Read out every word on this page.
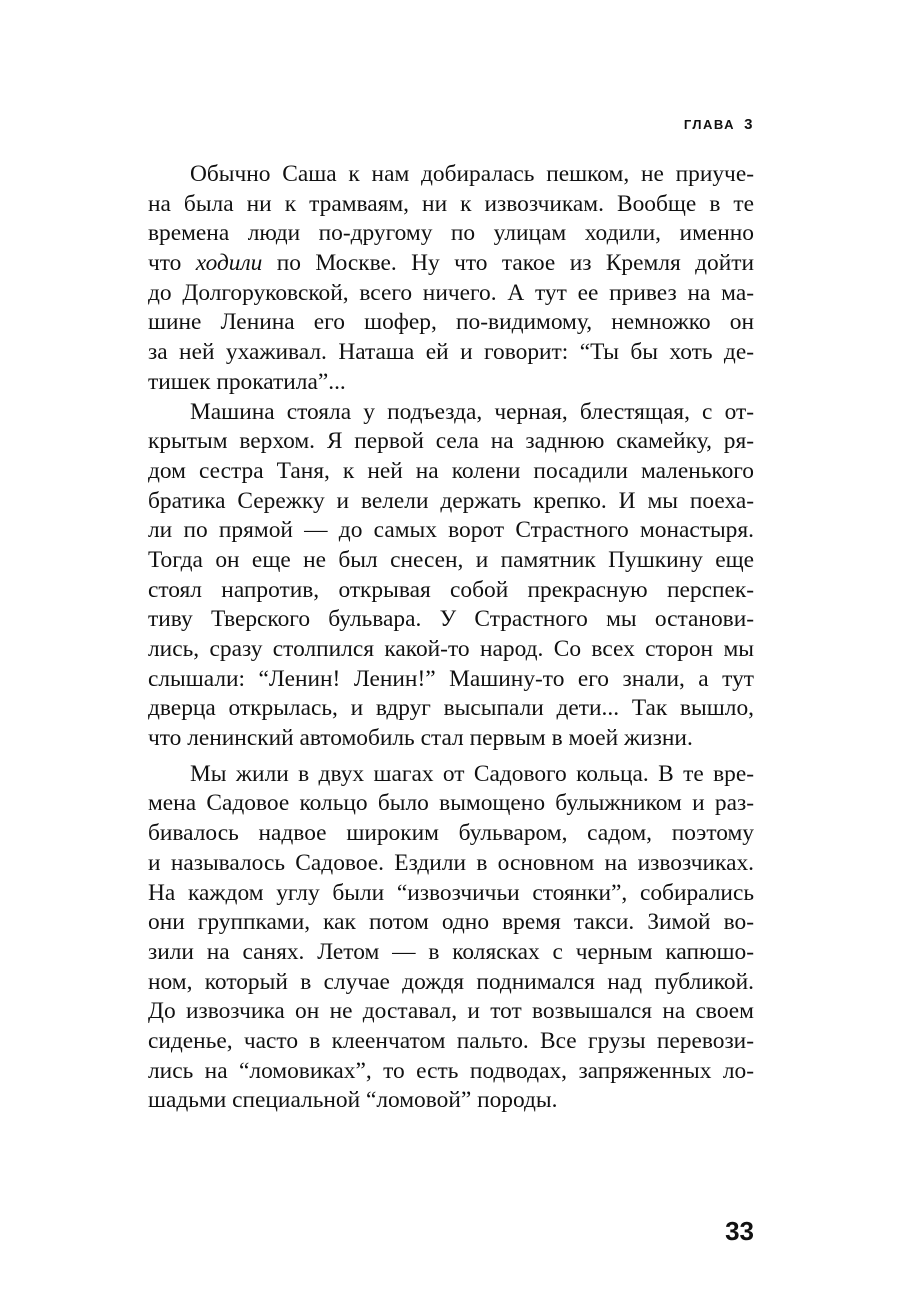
ГЛАВА 3
Обычно Саша к нам добиралась пешком, не приуче-
на была ни к трамваям, ни к извозчикам. Вообще в те
времена люди по-другому по улицам ходили, именно
что ходили по Москве. Ну что такое из Кремля дойти
до Долгоруковской, всего ничего. А тут ее привез на ма-
шине Ленина его шофер, по-видимому, немножко он
за ней ухаживал. Наташа ей и говорит: “Ты бы хоть де-
тишек прокатила”...
Машина стояла у подъезда, черная, блестящая, с от-
крытым верхом. Я первой села на заднюю скамейку, ря-
дом сестра Таня, к ней на колени посадили маленького
братика Сережку и велели держать крепко. И мы поеха-
ли по прямой — до самых ворот Страстного монастыря.
Тогда он еще не был снесен, и памятник Пушкину еще
стоял напротив, открывая собой прекрасную перспек-
тиву Тверского бульвара. У Страстного мы останови-
лись, сразу столпился какой-то народ. Со всех сторон мы
слышали: “Ленин! Ленин!” Машину-то его знали, а тут
дверца открылась, и вдруг высыпали дети... Так вышло,
что ленинский автомобиль стал первым в моей жизни.
Мы жили в двух шагах от Садового кольца. В те вре-
мена Садовое кольцо было вымощено булыжником и раз-
бивалось надвое широким бульваром, садом, поэтому
и называлось Садовое. Ездили в основном на извозчиках.
На каждом углу были “извозчичьи стоянки”, собирались
они группками, как потом одно время такси. Зимой во-
зили на санях. Летом — в колясках с черным капюшо-
ном, который в случае дождя поднимался над публикой.
До извозчика он не доставал, и тот возвышался на своем
сиденье, часто в клеенчатом пальто. Все грузы перевози-
лись на “ломовиках”, то есть подводах, запряженных ло-
шадьми специальной “ломовой” породы.
33
